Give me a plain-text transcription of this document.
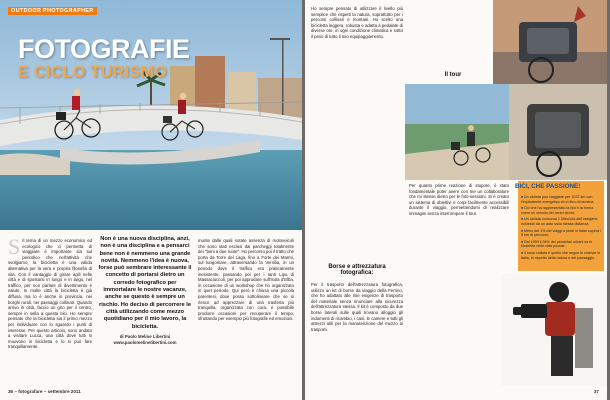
OUTDOOR PHOTOGRAPHER
FOTOGRAFIE
E CICLO TURISMO
S Il tema di un mezzo economico ed ecologico che ci permetta di viaggiare è importante sia sul periodico che nell'attività che svolgiamo, la bicicletta è una valida alternativa per la vera e propria filosofia di vita. Con il vantaggio di girare agili nelle città e di spostarsi in lungo e in largo, nel traffico, per non parlare di divertimento e salute. In molte città la bicicletta è già diffusa, ma lo è anche in provincia, nei borghi rurali, nei paesaggi collinari. Quando arrivo in città, faccio un giro per il centro, sempre in sella a questa bici. Ho sempre pensato che la bicicletta sia il primo mezzo per individuare con lo sguardo i punti di interesse. Per questo articolo, sono andato a visitare Lucca, una città dove tutti si muovono in bicicletta e lo si può fare tranquillamente.
Non è una nuova disciplina, anzi, non è una disciplina e a pensarci bene non è nemmeno una grande novità. Nemmeno l'idea è nuova, forse può sembrare interessante il concetto di portarsi dietro un corredo fotografico per immortalare le nostre vacanze, anche se questo è sempre un rischio. Ho deciso di percorrere le città utilizzando come mezzo quotidiano per il mio lavoro, la bicicletta.
di Paolo Meline Libertini
www.paolomelinelibertini.com
monte dalle quali notate assenza di motoveicoli che sono stati esclusi dai parcheggi totalmente dei "beni a due ruote". Ho percorso poi il tratto che porta da Torre del Lago, fino a Forte dei Marmi, sul lungomare, attraversando la Versilia, in un periodo dove il traffico era praticamente inesistente, passando poi per i tanti Lipu di Massaciuccoli, per poi approdare sull'Isola d'Elba, in occasione di un workshop che ho organizzato in quel periodo. Qui però è chiusa una piccola parentesi, dove posso sottolineare che se si riesce ad apprezzare di una trasferta più tranquilla, organizzata con cura, è possibile produrre occasioni per recuperare il tempo, sfruttando per esempio più fotografie ed emozioni.
36 – fotografare – settembre 2011
Ho sempre pensato di utilizzare il livello più semplice che rispetti la natura, soprattutto per i percorsi collinari e montani. Ho scelto una bicicletta leggera, robusta e adatta a pedalate di diverse ore, in ogni condizione climatica e sotto il peso di tutto il mio equipaggiamento.
Il tour
Per quanto prime reazione di stupore, è stato fondamentale poter avere con me un collaboratore che mi stesse dietro per le foto-sessioni. Si è creato un sistema di obiettivi e corpi facilmente accessibili durante il viaggio, permettendomi di realizzare immagini senza interrompere il tour.
Borse e attrezzatura fotografica:
Per il trasporto dell'attrezzatura fotografica, utilizzo un kit di borse da viaggio della Ferrino, che ho adattato alle mie esigenze di trasporto del materiale senza rinunciare alla sicurezza dell'attrezzatura stessa. Il kit è composto da due borse laterali sulle quali trovano alloggio gli indumenti di ricambio, i cavi, le camere e tutti gli attrezzi utili per la manutenzione del mezzo ai trasporti.
BICI, CHE PASSIONE!
■ Un ciclista può viaggiare per 1037 km con l'equivalente energetico di un litro di benzina.
■ Ciò che ha rappresentato la bici è la forma come un veicolo dei centri storici.
■ Un ciclista consuma 1 5litro/ora dell'ossigeno richiesto da un auto sulla stessa distanza.
■ Meno del 1% dei viaggi a piedi in Italia supera i 5 km di percorso.
■ Dal 1999 il 34% dei pendolari urbani va in bicicletta nelle città piccole.
■ Il buon ciclista è quello che segue le ciclovie in Italia, in rispetto della natura e del paesaggio.
37
